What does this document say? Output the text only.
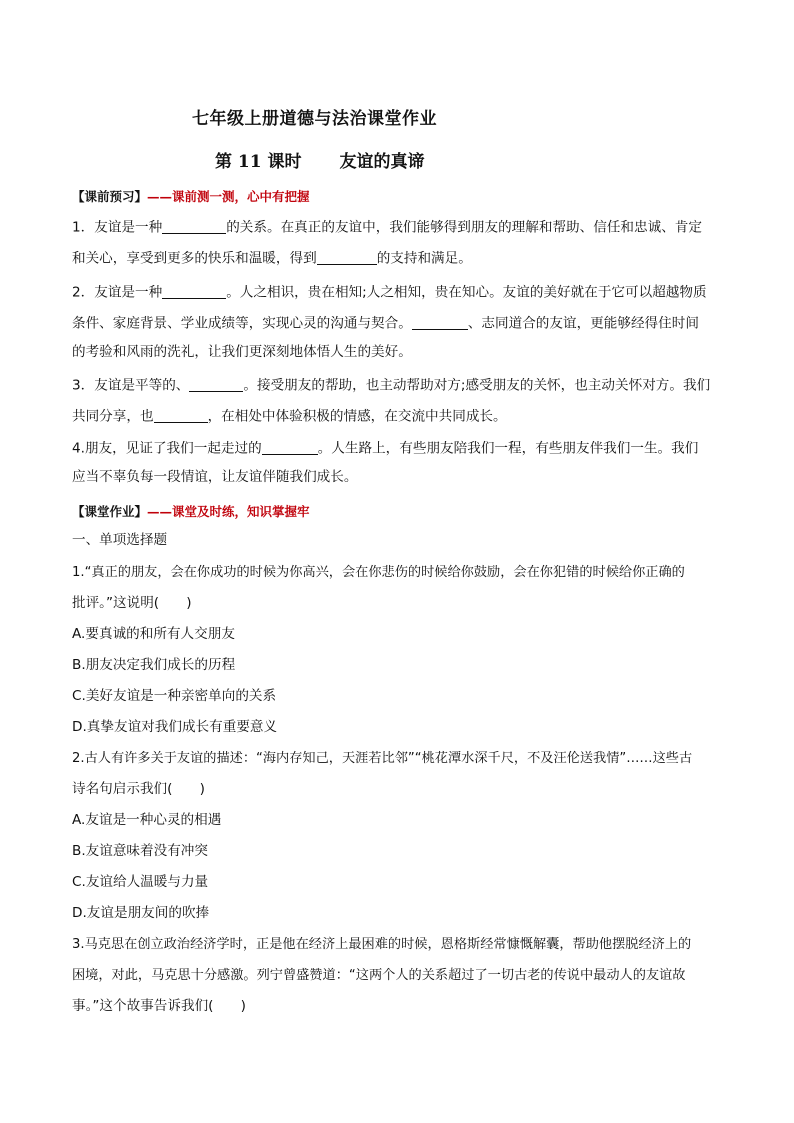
七年级上册道德与法治课堂作业
第 11 课时 友谊的真谛
【课前预习】——课前测一测，心中有把握
1．友谊是一种	的关系。在真正的友谊中，我们能够得到朋友的理解和帮助、信任和忠诚、肯定
和关心，享受到更多的快乐和温暖，得到	的支持和满足。
2．友谊是一种	。人之相识，贵在相知;人之相知，贵在知心。友谊的美好就在于它可以超越物质
条件、家庭背景、学业成绩等，实现心灵的沟通与契合。	、志同道合的友谊，更能够经得住时间
的考验和风雨的洗礼，让我们更深刻地体悟人生的美好。
3．友谊是平等的、	。接受朋友的帮助，也主动帮助对方;感受朋友的关怀，也主动关怀对方。我们
共同分享，也	，在相处中体验积极的情感，在交流中共同成长。
4.朋友，见证了我们一起走过的	。人生路上，有些朋友陪我们一程，有些朋友伴我们一生。我们
应当不辜负每一段情谊，让友谊伴随我们成长。
【课堂作业】——课堂及时练，知识掌握牢
一、单项选择题
1.“真正的朋友，会在你成功的时候为你高兴，会在你悲伤的时候给你鼓励，会在你犯错的时候给你正确的
批评。”这说明(　　)
A.要真诚的和所有人交朋友
B.朋友决定我们成长的历程
C.美好友谊是一种亲密单向的关系
D.真挚友谊对我们成长有重要意义
2.古人有许多关于友谊的描述：“海内存知己，天涯若比邻”“桃花潭水深千尺，不及汪伦送我情”……这些古
诗名句启示我们(　　)
A.友谊是一种心灵的相遇
B.友谊意味着没有冲突
C.友谊给人温暖与力量
D.友谊是朋友间的吹捧
3.马克思在创立政治经济学时，正是他在经济上最困难的时候，恩格斯经常慷慨解囊，帮助他摆脱经济上的
困境，对此，马克思十分感激。列宁曾盛赞道：“这两个人的关系超过了一切古老的传说中最动人的友谊故
事。”这个故事告诉我们(　　)
